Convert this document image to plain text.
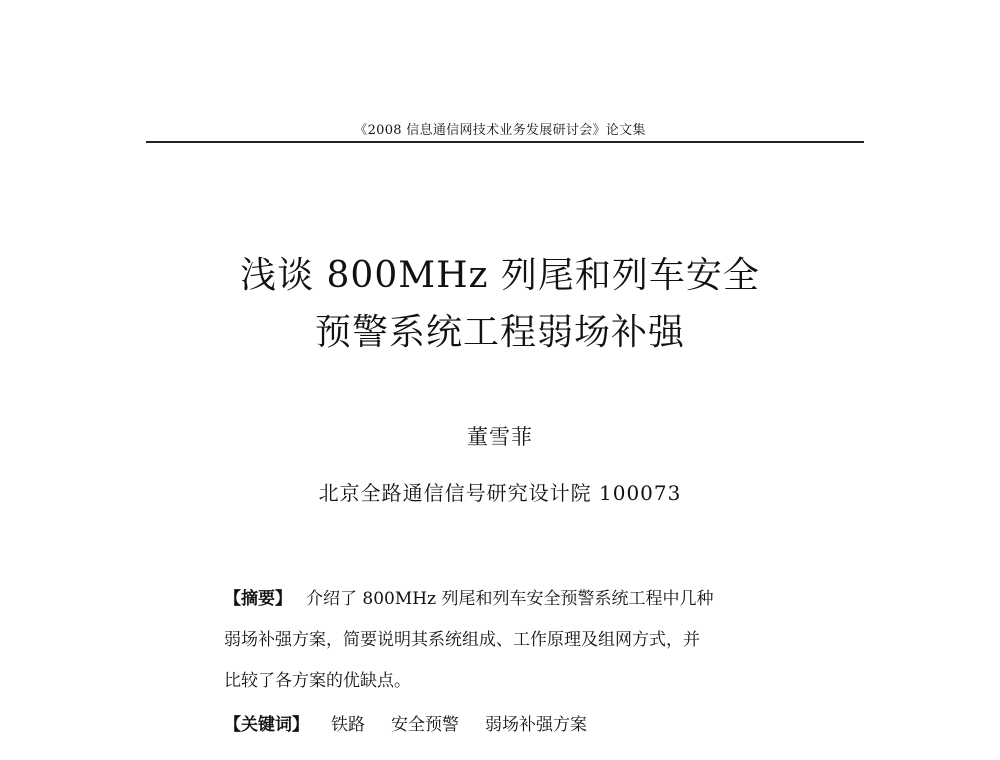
《2008 信息通信网技术业务发展研讨会》论文集
浅谈 800MHz 列尾和列车安全
预警系统工程弱场补强
董雪菲
北京全路通信信号研究设计院 100073
【摘要】 介绍了 800MHz 列尾和列车安全预警系统工程中几种
弱场补强方案，简要说明其系统组成、工作原理及组网方式，并
比较了各方案的优缺点。
【关键词】 铁路 安全预警 弱场补强方案
